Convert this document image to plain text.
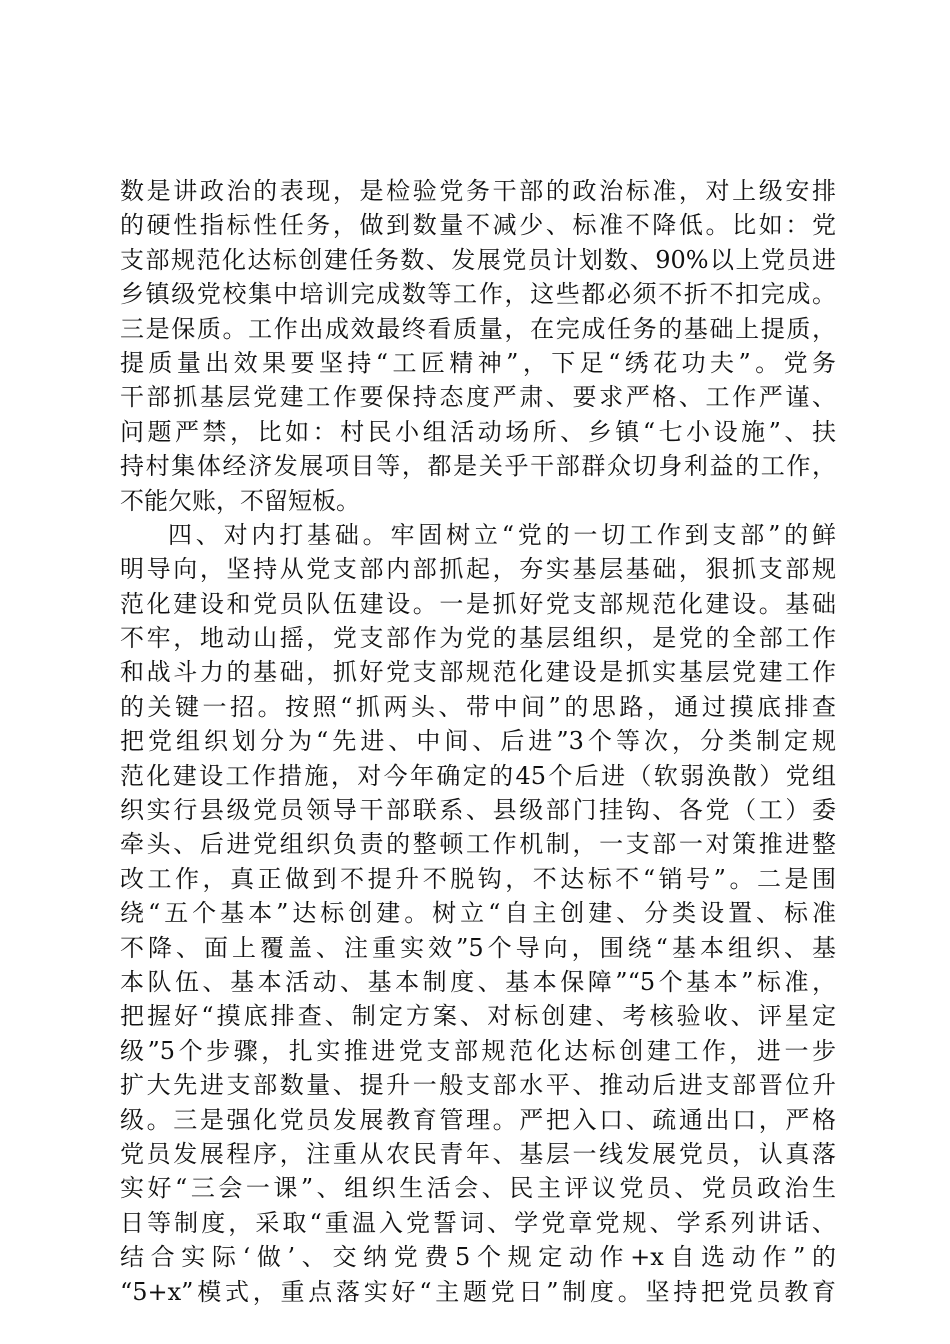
数是讲政治的表现，是检验党务干部的政治标准，对上级安排
的硬性指标性任务，做到数量不减少、标准不降低。比如：党
支部规范化达标创建任务数、发展党员计划数、90%以上党员进
乡镇级党校集中培训完成数等工作，这些都必须不折不扣完成。
三是保质。工作出成效最终看质量，在完成任务的基础上提质，
提质量出效果要坚持“工匠精神”，下足“绣花功夫”。党务
干部抓基层党建工作要保持态度严肃、要求严格、工作严谨、
问题严禁，比如：村民小组活动场所、乡镇“七小设施”、扶
持村集体经济发展项目等，都是关乎干部群众切身利益的工作，
不能欠账，不留短板。
四、对内打基础。牢固树立“党的一切工作到支部”的鲜
明导向，坚持从党支部内部抓起，夯实基层基础，狠抓支部规
范化建设和党员队伍建设。一是抓好党支部规范化建设。基础
不牢，地动山摇，党支部作为党的基层组织，是党的全部工作
和战斗力的基础，抓好党支部规范化建设是抓实基层党建工作
的关键一招。按照“抓两头、带中间”的思路，通过摸底排查
把党组织划分为“先进、中间、后进”3个等次，分类制定规
范化建设工作措施，对今年确定的45个后进（软弱涣散）党组
织实行县级党员领导干部联系、县级部门挂钩、各党（工）委
牵头、后进党组织负责的整顿工作机制，一支部一对策推进整
改工作，真正做到不提升不脱钩，不达标不“销号”。二是围
绕“五个基本”达标创建。树立“自主创建、分类设置、标准
不降、面上覆盖、注重实效”5个导向，围绕“基本组织、基
本队伍、基本活动、基本制度、基本保障”“5个基本”标准，
把握好“摸底排查、制定方案、对标创建、考核验收、评星定
级”5个步骤，扎实推进党支部规范化达标创建工作，进一步
扩大先进支部数量、提升一般支部水平、推动后进支部晋位升
级。三是强化党员发展教育管理。严把入口、疏通出口，严格
党员发展程序，注重从农民青年、基层一线发展党员，认真落
实好“三会一课”、组织生活会、民主评议党员、党员政治生
日等制度，采取“重温入党誓词、学党章党规、学系列讲话、
结合实际‘做’、交纳党费5个规定动作+x自选动作”的
“5+x”模式，重点落实好“主题党日”制度。坚持把党员教育
